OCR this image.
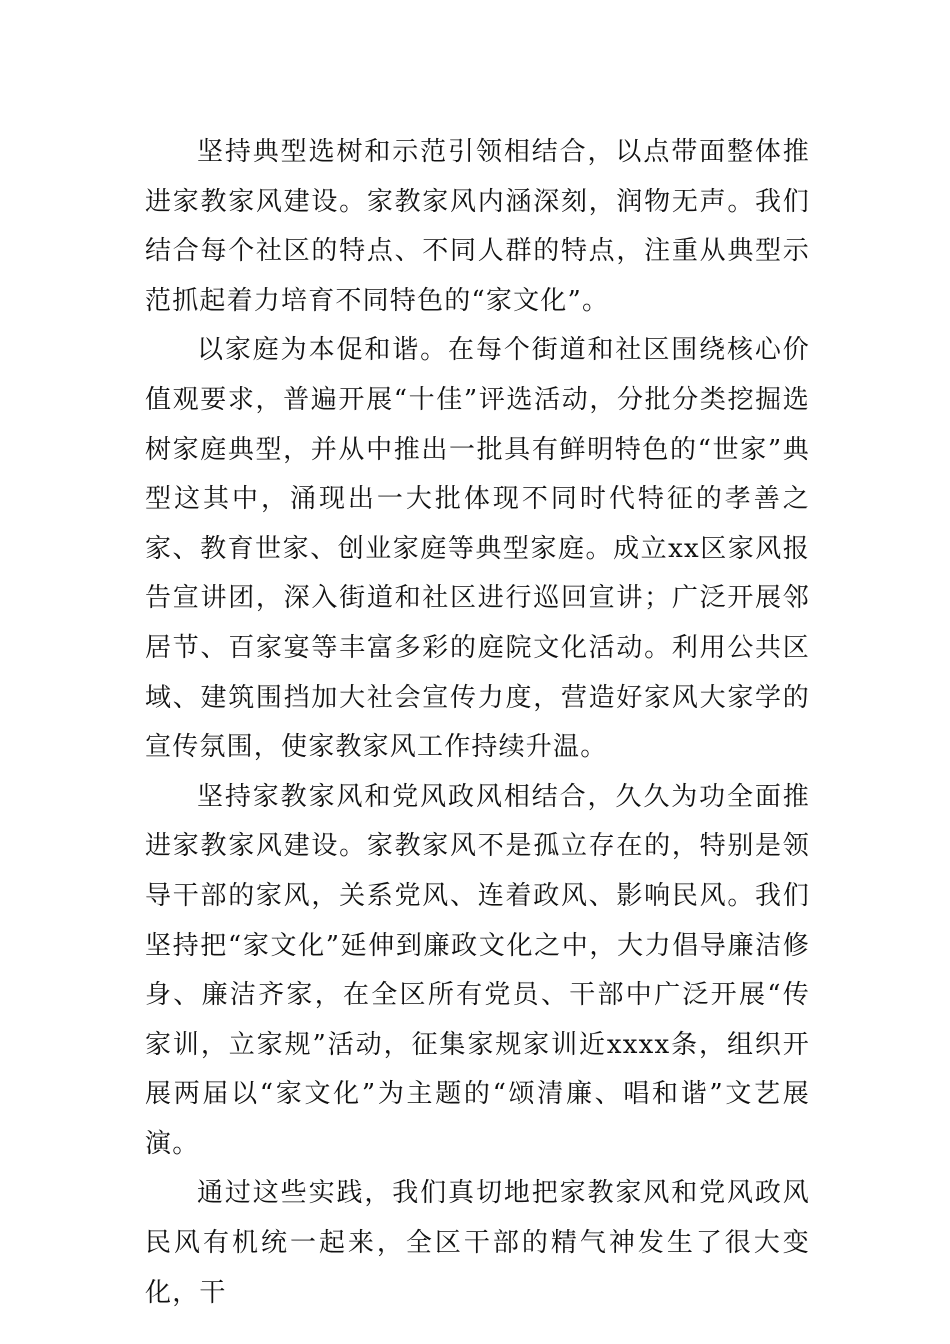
坚持典型选树和示范引领相结合，以点带面整体推进家教家风建设。家教家风内涵深刻，润物无声。我们结合每个社区的特点、不同人群的特点，注重从典型示范抓起着力培育不同特色的“家文化”。

以家庭为本促和谐。在每个街道和社区围绕核心价值观要求，普遍开展“十佳”评选活动，分批分类挖掘选树家庭典型，并从中推出一批具有鲜明特色的“世家”典型这其中，涌现出一大批体现不同时代特征的孝善之家、教育世家、创业家庭等典型家庭。成立xx区家风报告宣讲团，深入街道和社区进行巡回宣讲；广泛开展邻居节、百家宴等丰富多彩的庭院文化活动。利用公共区域、建筑围挡加大社会宣传力度，营造好家风大家学的宣传氛围，使家教家风工作持续升温。

坚持家教家风和党风政风相结合，久久为功全面推进家教家风建设。家教家风不是孤立存在的，特别是领导干部的家风，关系党风、连着政风、影响民风。我们坚持把“家文化”延伸到廉政文化之中，大力倡导廉洁修身、廉洁齐家，在全区所有党员、干部中广泛开展“传家训，立家规”活动，征集家规家训近xxxx条，组织开展两届以“家文化”为主题的“颂清廉、唱和谐”文艺展演。

通过这些实践，我们真切地把家教家风和党风政风民风有机统一起来，全区干部的精气神发生了很大变化，干
